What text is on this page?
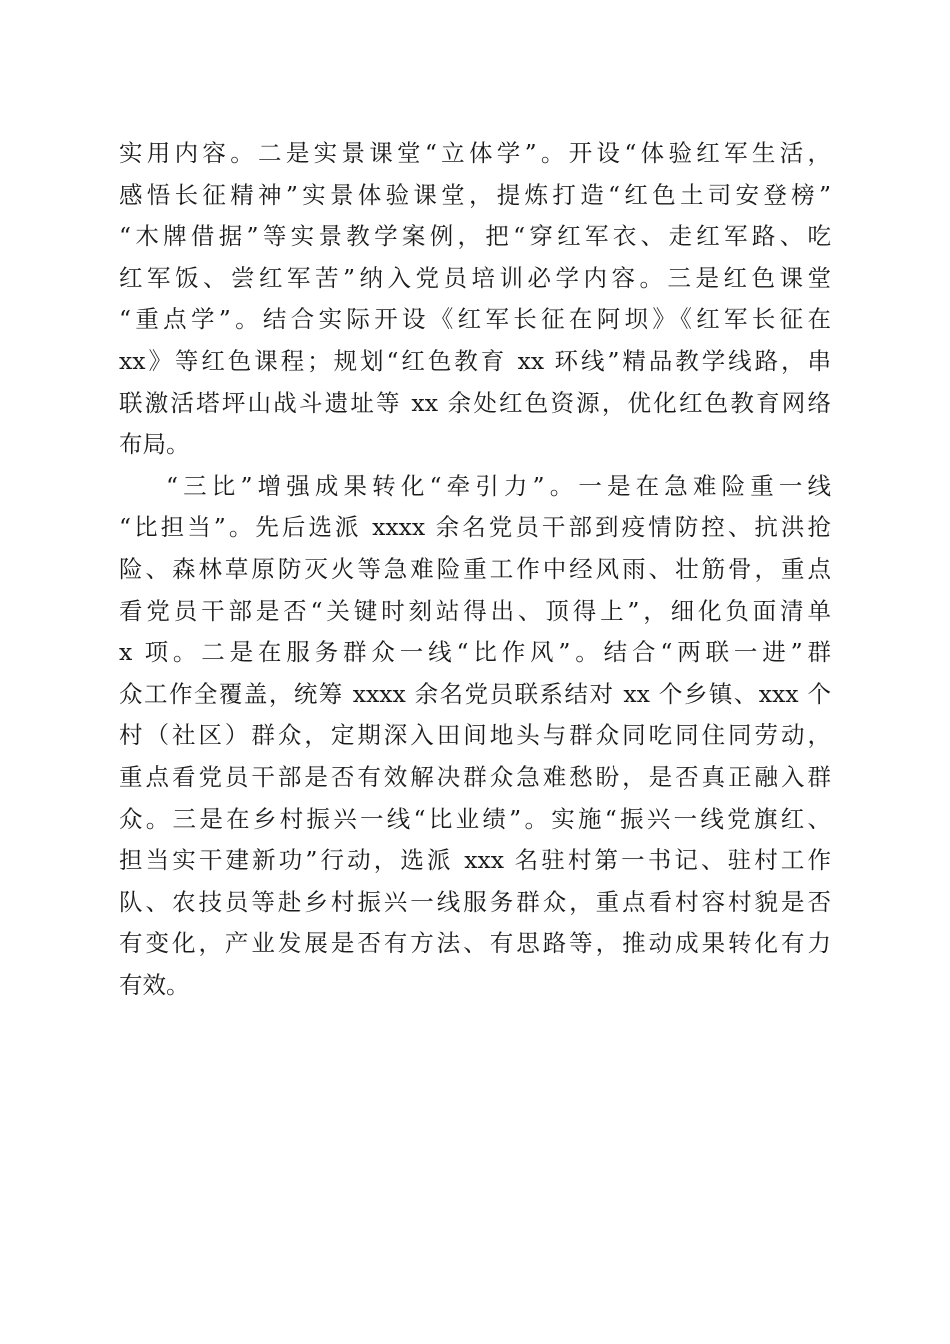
实用内容。二是实景课堂“立体学”。开设“体验红军生活，
感悟长征精神”实景体验课堂，提炼打造“红色土司安登榜”
“木牌借据”等实景教学案例，把“穿红军衣、走红军路、吃
红军饭、尝红军苦”纳入党员培训必学内容。三是红色课堂
“重点学”。结合实际开设《红军长征在阿坝》《红军长征在
xx》等红色课程；规划“红色教育 xx 环线”精品教学线路，串
联激活塔坪山战斗遗址等 xx 余处红色资源，优化红色教育网络
布局。
“三比”增强成果转化“牵引力”。一是在急难险重一线
“比担当”。先后选派 xxxx 余名党员干部到疫情防控、抗洪抢
险、森林草原防灭火等急难险重工作中经风雨、壮筋骨，重点
看党员干部是否“关键时刻站得出、顶得上”，细化负面清单
x 项。二是在服务群众一线“比作风”。结合“两联一进”群
众工作全覆盖，统筹 xxxx 余名党员联系结对 xx 个乡镇、xxx 个
村（社区）群众，定期深入田间地头与群众同吃同住同劳动，
重点看党员干部是否有效解决群众急难愁盼，是否真正融入群
众。三是在乡村振兴一线“比业绩”。实施“振兴一线党旗红、
担当实干建新功”行动，选派 xxx 名驻村第一书记、驻村工作
队、农技员等赴乡村振兴一线服务群众，重点看村容村貌是否
有变化，产业发展是否有方法、有思路等，推动成果转化有力
有效。
